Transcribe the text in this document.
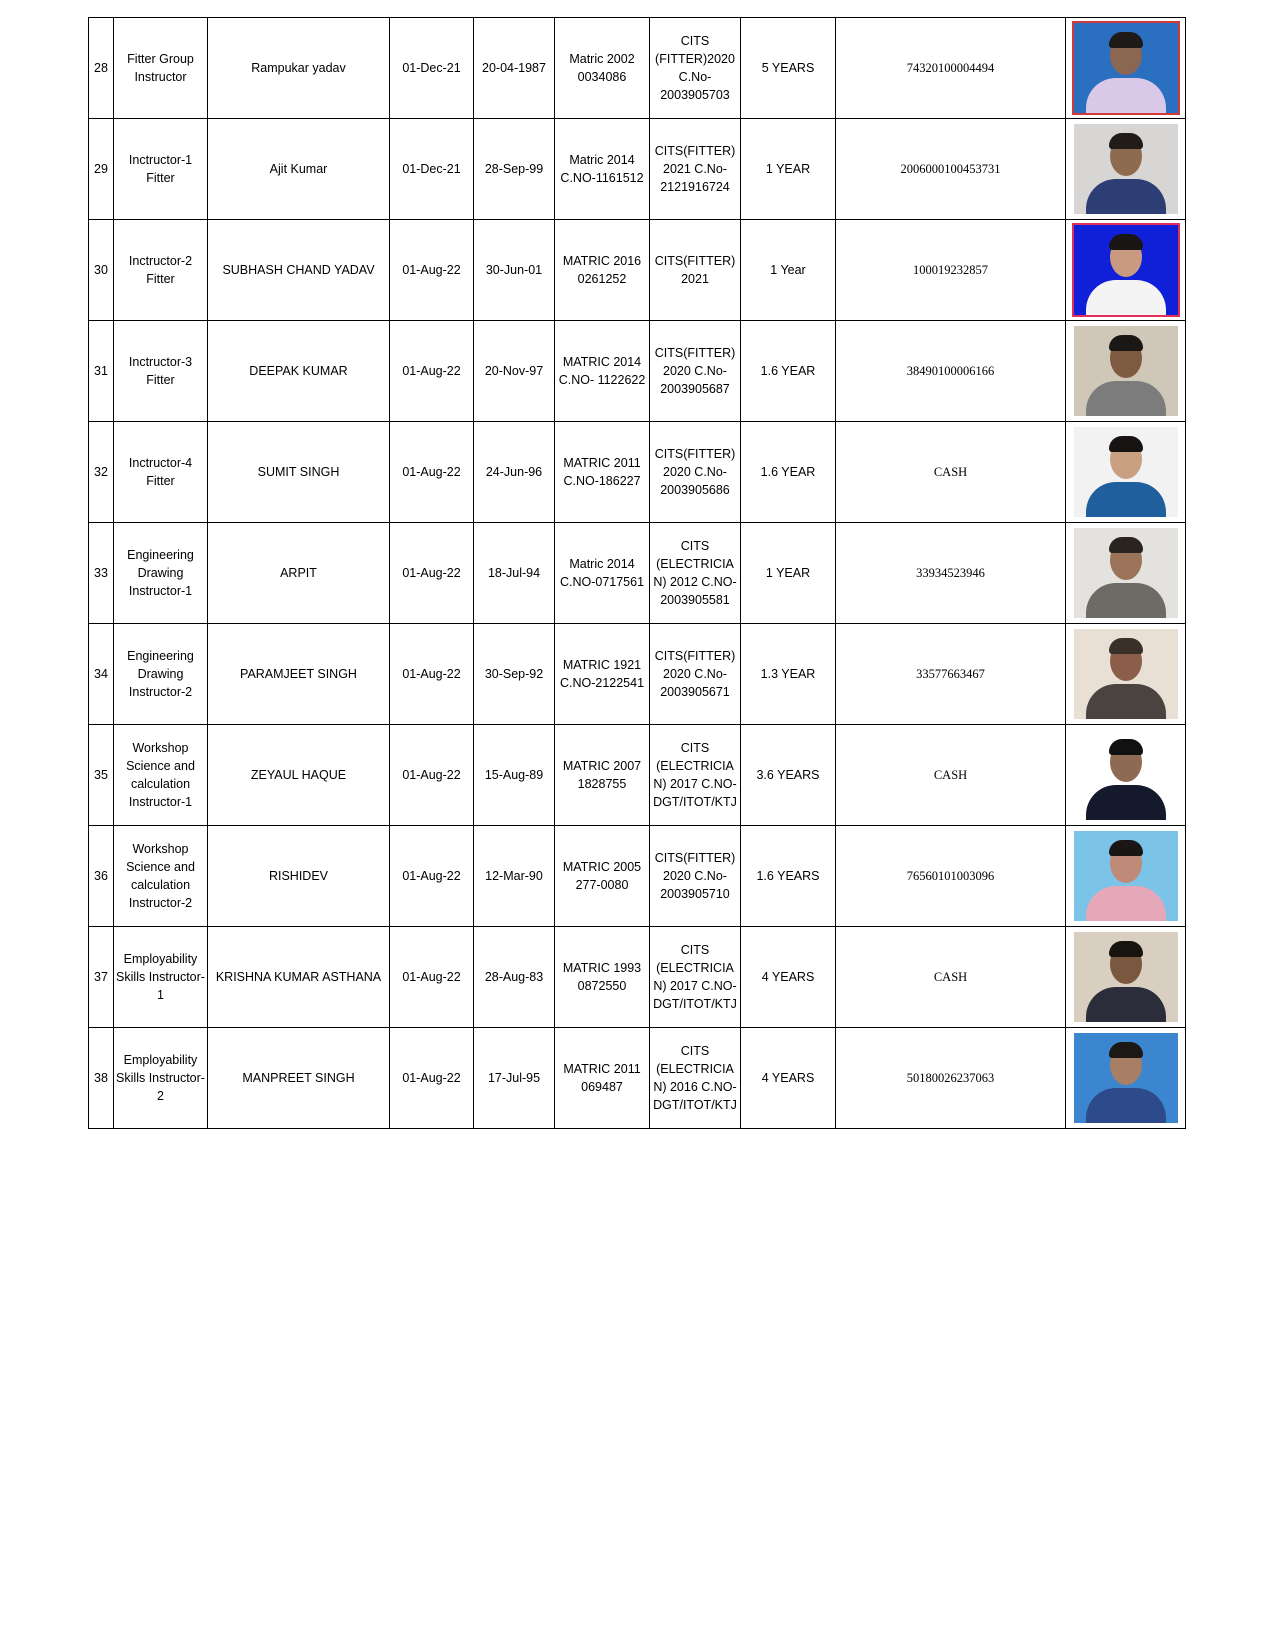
28	Fitter Group Instructor	Rampukar yadav	01-Dec-21	20-04-1987	Matric 2002 0034086	CITS (FITTER)2020 C.No-2003905703	5 YEARS	74320100004494	

29	Inctructor-1 Fitter	Ajit Kumar	01-Dec-21	28-Sep-99	Matric 2014 C.NO-1161512	CITS(FITTER) 2021 C.No-2121916724	1 YEAR	2006000100453731	

30	Inctructor-2 Fitter	SUBHASH CHAND YADAV	01-Aug-22	30-Jun-01	MATRIC 2016 0261252	CITS(FITTER) 2021	1 Year	100019232857	

31	Inctructor-3 Fitter	DEEPAK KUMAR	01-Aug-22	20-Nov-97	MATRIC 2014 C.NO- 1122622	CITS(FITTER)2020 C.No-2003905687	1.6 YEAR	38490100006166	

32	Inctructor-4 Fitter	SUMIT SINGH	01-Aug-22	24-Jun-96	MATRIC 2011 C.NO-186227	CITS(FITTER) 2020 C.No-2003905686	1.6 YEAR	CASH	

33	Engineering Drawing Instructor-1	ARPIT	01-Aug-22	18-Jul-94	Matric 2014 C.NO-0717561	CITS (ELECTRICIAN) 2012 C.NO-2003905581	1 YEAR	33934523946	

34	Engineering Drawing Instructor-2	PARAMJEET SINGH	01-Aug-22	30-Sep-92	MATRIC 1921 C.NO-2122541	CITS(FITTER) 2020 C.No-2003905671	1.3 YEAR	33577663467	

35	Workshop Science and calculation Instructor-1	ZEYAUL HAQUE	01-Aug-22	15-Aug-89	MATRIC 2007 1828755	CITS (ELECTRICIAN) 2017 C.NO-DGT/ITOT/KTJ	3.6 YEARS	CASH	

36	Workshop Science and calculation Instructor-2	RISHIDEV	01-Aug-22	12-Mar-90	MATRIC 2005 277-0080	CITS(FITTER) 2020 C.No-2003905710	1.6 YEARS	76560101003096	

37	Employability Skills Instructor-1	KRISHNA KUMAR ASTHANA	01-Aug-22	28-Aug-83	MATRIC 1993 0872550	CITS (ELECTRICIAN) 2017 C.NO-DGT/ITOT/KTJ	4 YEARS	CASH	

38	Employability Skills Instructor-2	MANPREET SINGH	01-Aug-22	17-Jul-95	MATRIC 2011 069487	CITS (ELECTRICIAN) 2016 C.NO-DGT/ITOT/KTJ	4 YEARS	50180026237063	
